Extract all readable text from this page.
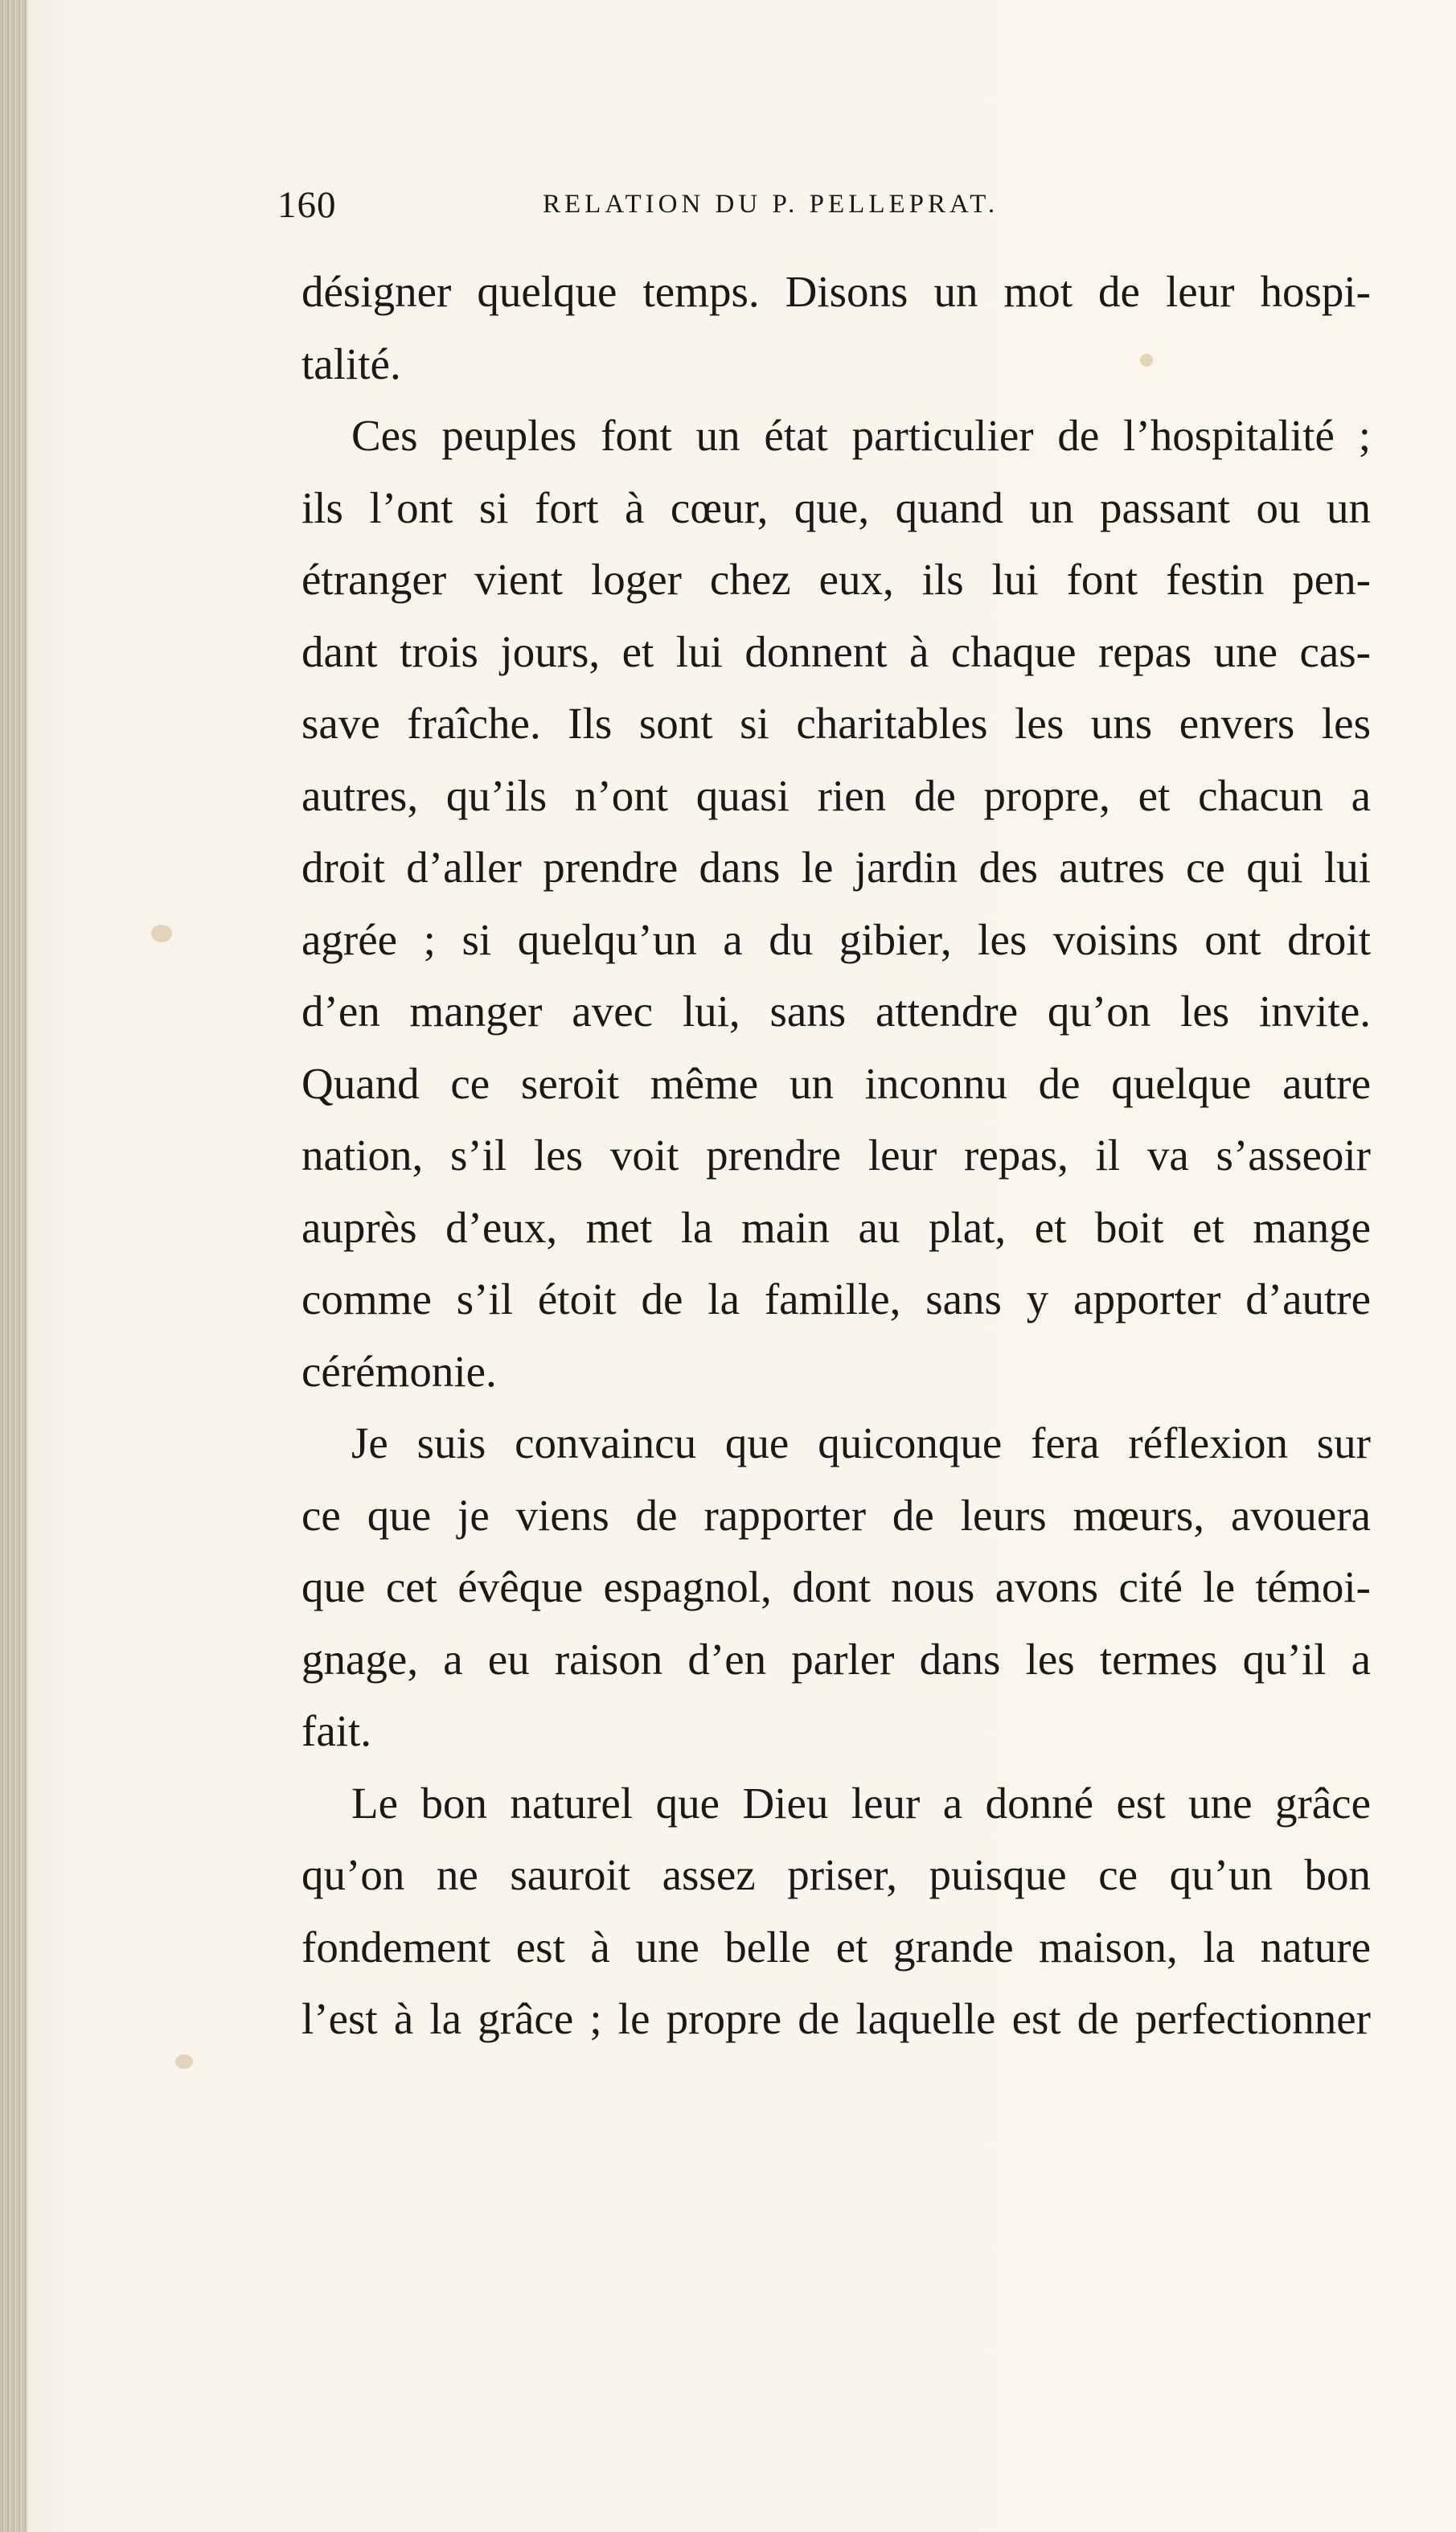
160	RELATION DU P. PELLEPRAT.
désigner quelque temps. Disons un mot de leur hospi-
talité.
Ces peuples font un état particulier de l’hospitalité ;
ils l’ont si fort à cœur, que, quand un passant ou un
étranger vient loger chez eux, ils lui font festin pen-
dant trois jours, et lui donnent à chaque repas une cas-
save fraîche. Ils sont si charitables les uns envers les
autres, qu’ils n’ont quasi rien de propre, et chacun a
droit d’aller prendre dans le jardin des autres ce qui lui
agrée ; si quelqu’un a du gibier, les voisins ont droit
d’en manger avec lui, sans attendre qu’on les invite.
Quand ce seroit même un inconnu de quelque autre
nation, s’il les voit prendre leur repas, il va s’asseoir
auprès d’eux, met la main au plat, et boit et mange
comme s’il étoit de la famille, sans y apporter d’autre
cérémonie.
Je suis convaincu que quiconque fera réflexion sur
ce que je viens de rapporter de leurs mœurs, avouera
que cet évêque espagnol, dont nous avons cité le témoi-
gnage, a eu raison d’en parler dans les termes qu’il a
fait.
Le bon naturel que Dieu leur a donné est une grâce
qu’on ne sauroit assez priser, puisque ce qu’un bon
fondement est à une belle et grande maison, la nature
l’est à la grâce ; le propre de laquelle est de perfectionner
